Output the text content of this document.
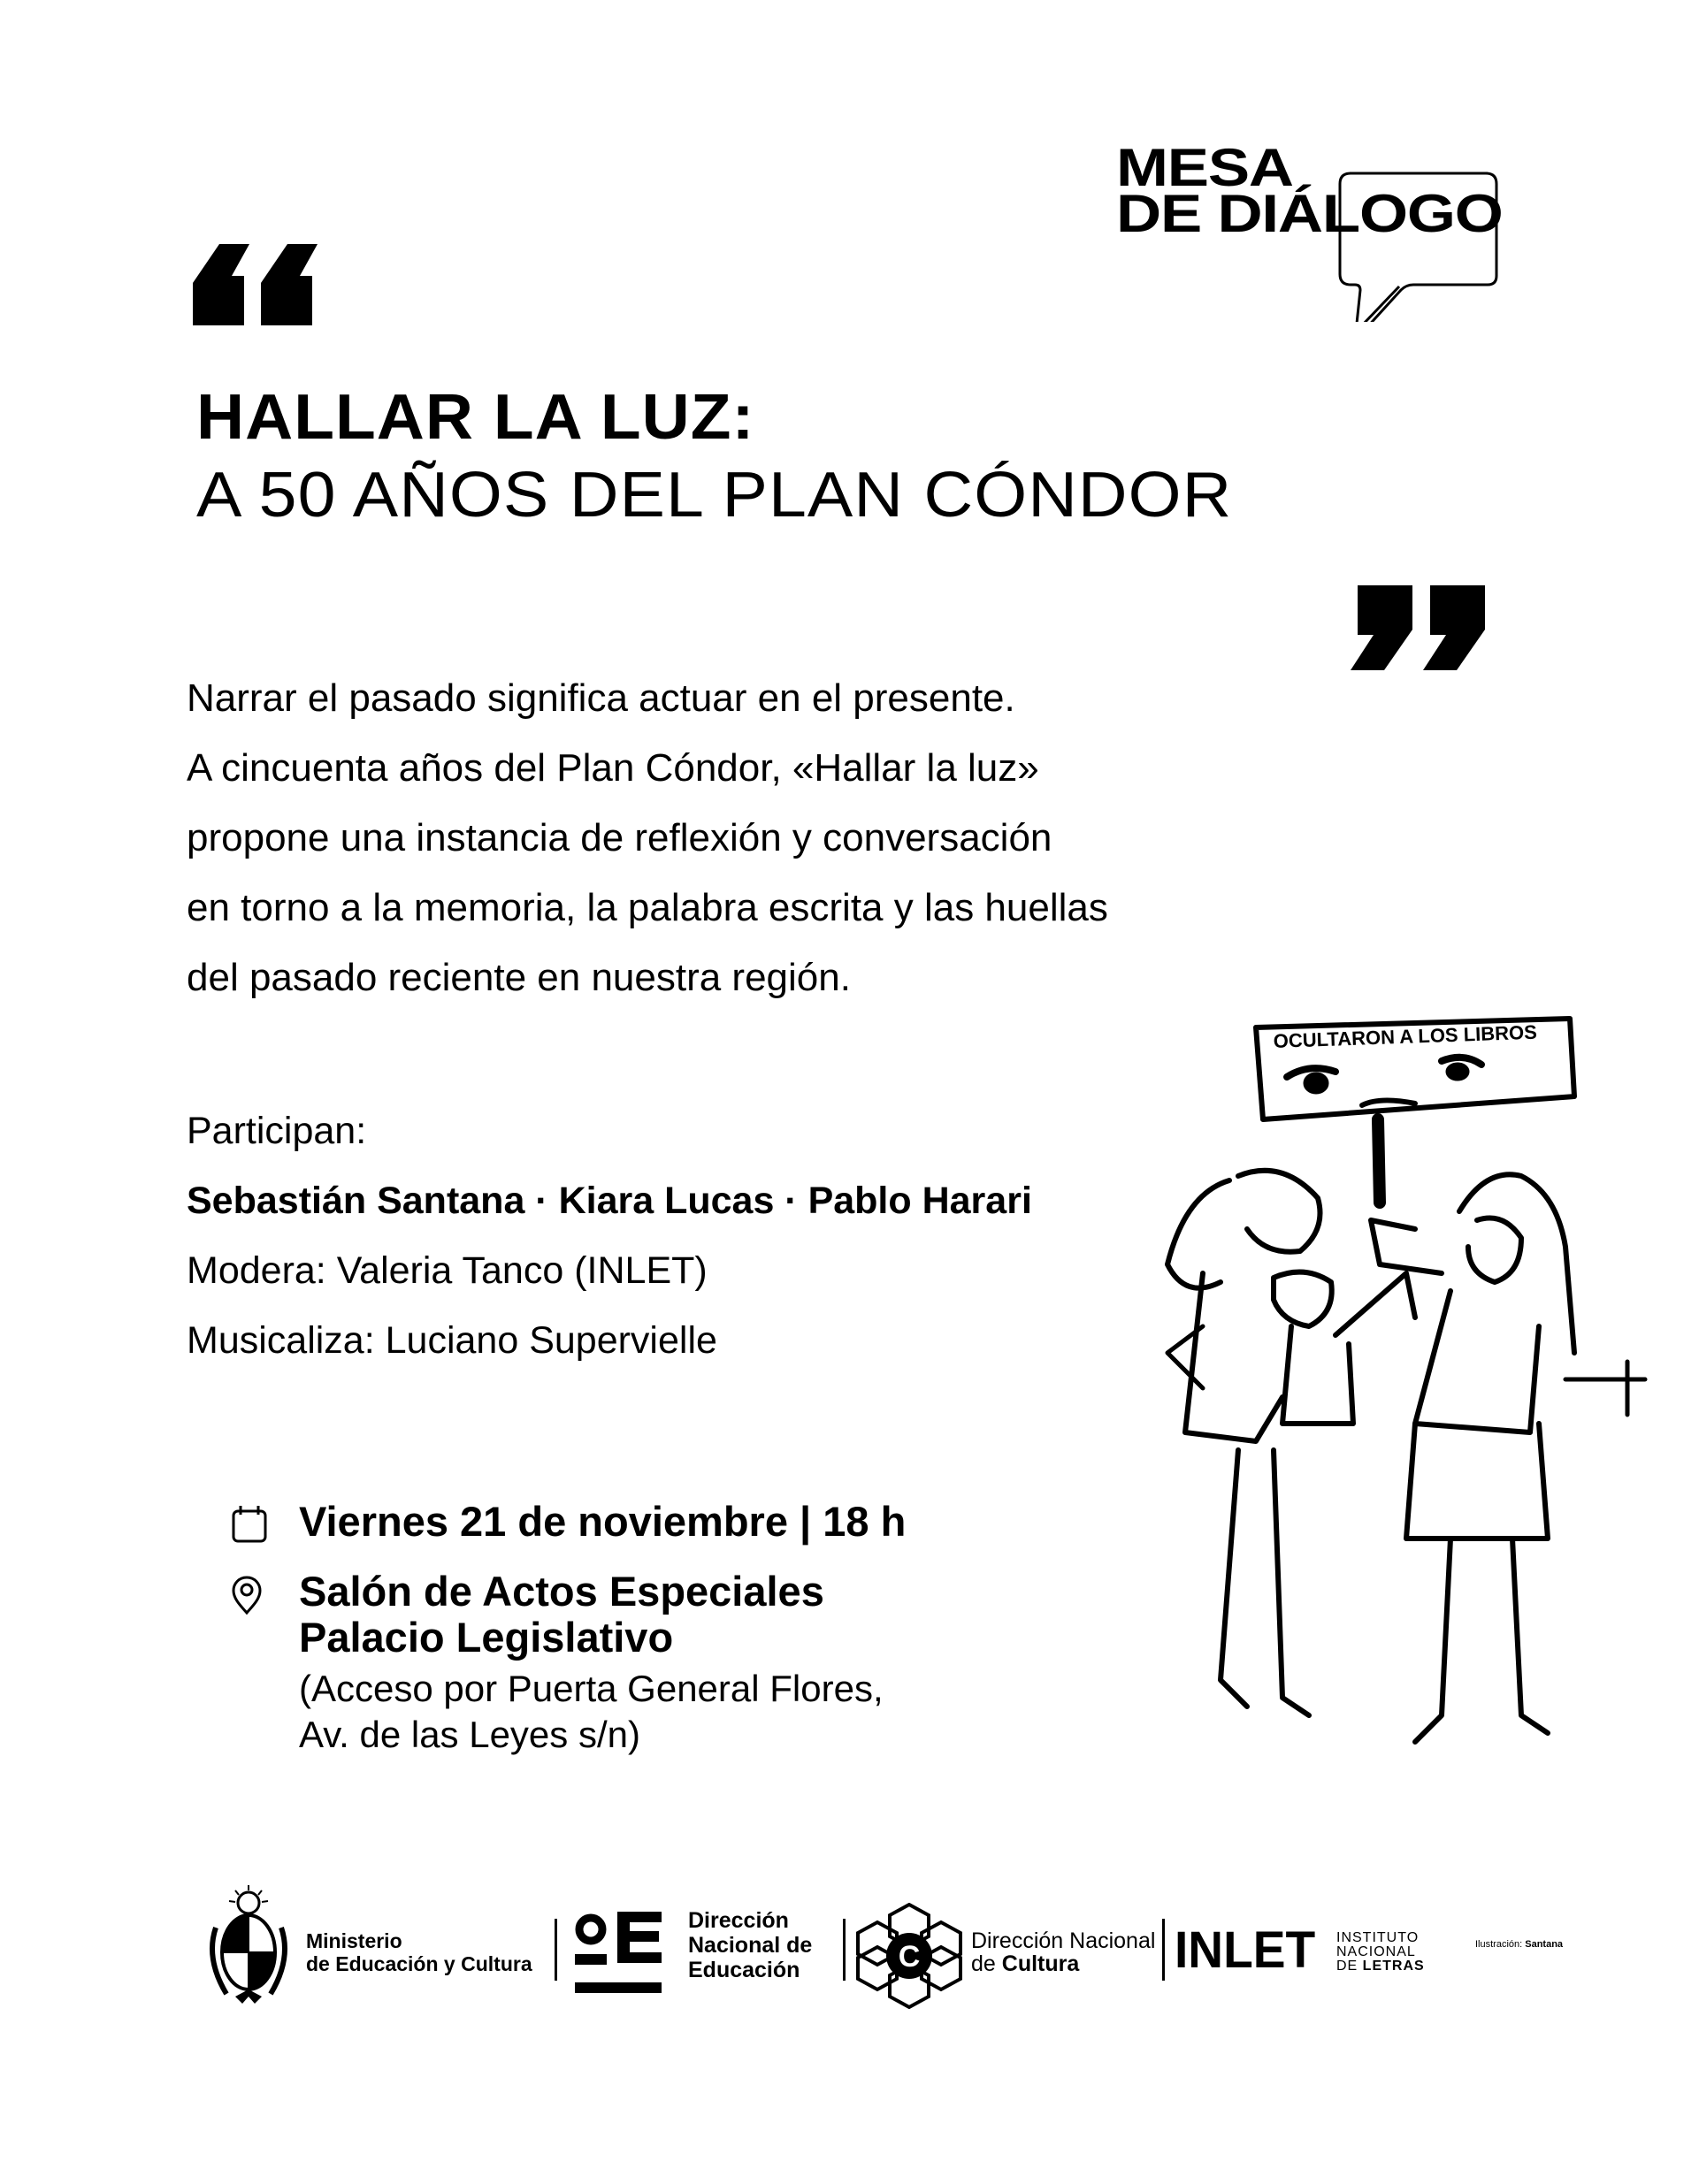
MESA
DE DIÁLOGO
HALLAR LA LUZ:
A 50 AÑOS DEL PLAN CÓNDOR
Narrar el pasado significa actuar en el presente.
A cincuenta años del Plan Cóndor, «Hallar la luz»
propone una instancia de reflexión y conversación
en torno a la memoria, la palabra escrita y las huellas
del pasado reciente en nuestra región.
Participan:
Sebastián Santana · Kiara Lucas · Pablo Harari
Modera: Valeria Tanco (INLET)
Musicaliza: Luciano Supervielle
Viernes 21 de noviembre | 18 h
Salón de Actos Especiales
Palacio Legislativo
(Acceso por Puerta General Flores,
Av. de las Leyes s/n)
OCULTARON A LOS LIBROS
Ministerio
de Educación y Cultura
Dirección
Nacional de
Educación	C Dirección Nacional
de Cultura	INLET INSTITUTO
NACIONAL
DE LETRAS
Ilustración: Santana
